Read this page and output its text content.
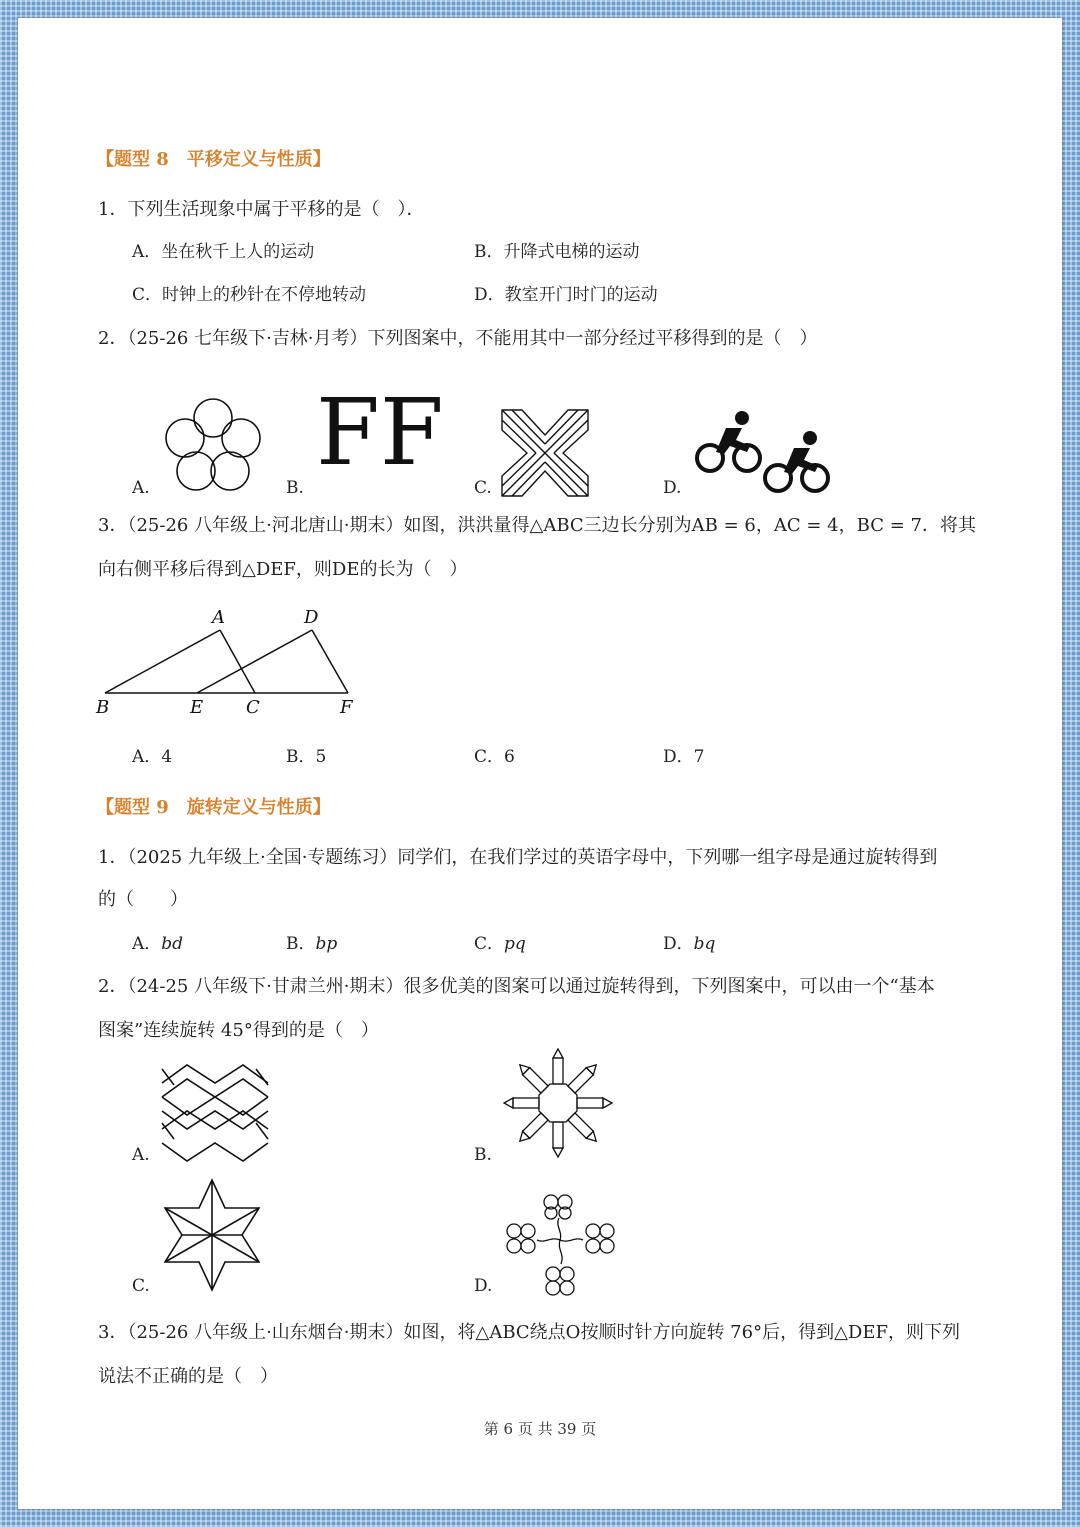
【题型 8　平移定义与性质】
1．下列生活现象中属于平移的是（　）．
A．坐在秋千上人的运动	B．升降式电梯的运动
C．时钟上的秒针在不停地转动	D．教室开门时门的运动
2．（25-26 七年级下·吉林·月考）下列图案中，不能用其中一部分经过平移得到的是（　）
FF
A.	B.	C.	D.
3．（25-26 八年级上·河北唐山·期末）如图，洪洪量得△ABC三边长分别为AB = 6，AC = 4，BC = 7．将其
向右侧平移后得到△DEF，则DE的长为（　）
A	D
B	E C	F
A．4	B．5	C．6	D．7
【题型 9　旋转定义与性质】
1．（2025 九年级上·全国·专题练习）同学们，在我们学过的英语字母中，下列哪一组字母是通过旋转得到
的（　　）
A．bd	B．bp	C．pq	D．bq
2．（24-25 八年级下·甘肃兰州·期末）很多优美的图案可以通过旋转得到，下列图案中，可以由一个“基本
图案”连续旋转 45°得到的是（　）
A.	B.
C.	D.
3．（25-26 八年级上·山东烟台·期末）如图，将△ABC绕点O按顺时针方向旋转 76°后，得到△DEF，则下列
说法不正确的是（　）
第 6 页 共 39 页
